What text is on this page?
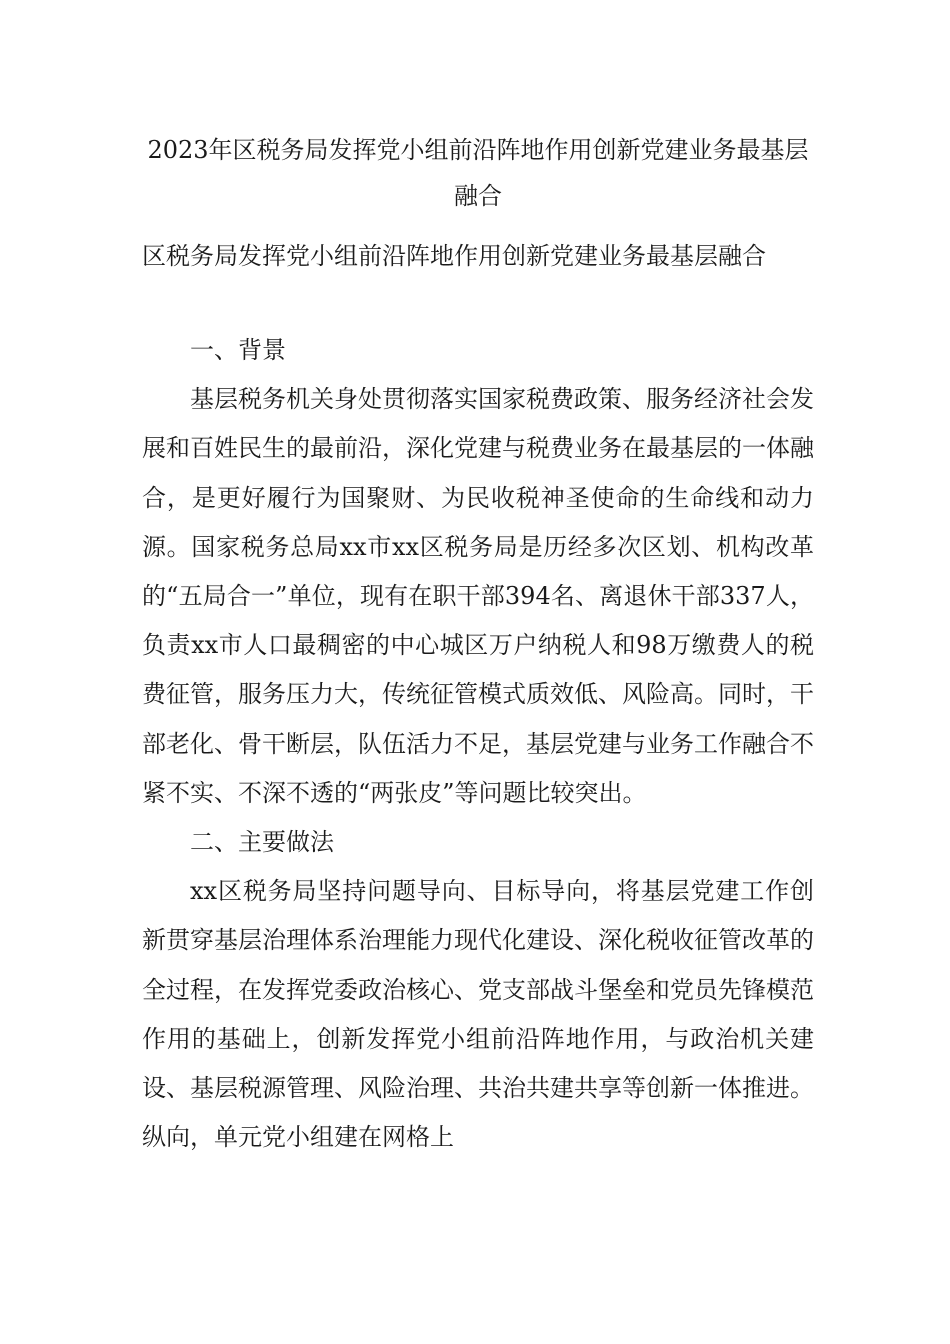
2023年区税务局发挥党小组前沿阵地作用创新党建业务最基层融合
区税务局发挥党小组前沿阵地作用创新党建业务最基层融合

一、背景

基层税务机关身处贯彻落实国家税费政策、服务经济社会发展和百姓民生的最前沿，深化党建与税费业务在最基层的一体融合，是更好履行为国聚财、为民收税神圣使命的生命线和动力源。国家税务总局xx市xx区税务局是历经多次区划、机构改革的“五局合一”单位，现有在职干部394名、离退休干部337人，负责xx市人口最稠密的中心城区万户纳税人和98万缴费人的税费征管，服务压力大，传统征管模式质效低、风险高。同时，干部老化、骨干断层，队伍活力不足，基层党建与业务工作融合不紧不实、不深不透的“两张皮”等问题比较突出。

二、主要做法

xx区税务局坚持问题导向、目标导向，将基层党建工作创新贯穿基层治理体系治理能力现代化建设、深化税收征管改革的全过程，在发挥党委政治核心、党支部战斗堡垒和党员先锋模范作用的基础上，创新发挥党小组前沿阵地作用，与政治机关建设、基层税源管理、风险治理、共治共建共享等创新一体推进。纵向，单元党小组建在网格上
